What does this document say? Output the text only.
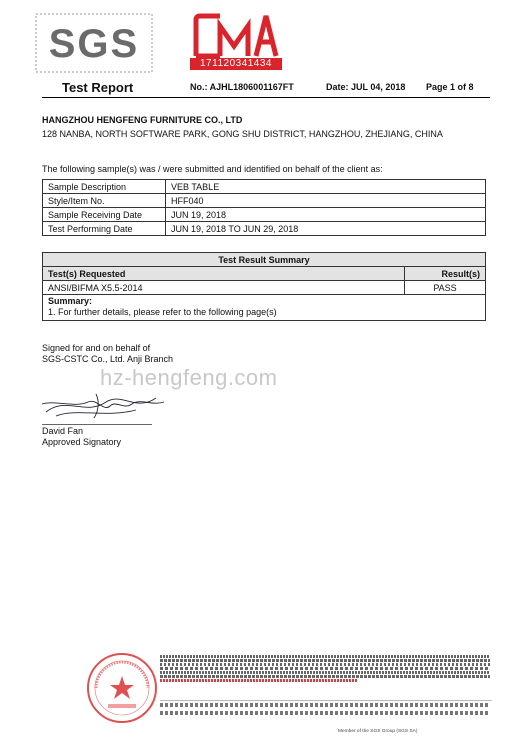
SGS
CMA
171120341434
Test Report	No.: AJHL1806001167FT	Date: JUL 04, 2018 Page 1 of 8
HANGZHOU HENGFENG FURNITURE CO., LTD
128 NANBA, NORTH SOFTWARE PARK, GONG SHU DISTRICT, HANGZHOU, ZHEJIANG, CHINA
The following sample(s) was / were submitted and identified on behalf of the client as:
Sample Description	VEB TABLE
Style/Item No.	HFF040
Sample Receiving Date	JUN 19, 2018
Test Performing Date	JUN 19, 2018 TO JUN 29, 2018
Test Result Summary	
Test(s) Requested	Result(s)
ANSI/BIFMA X5.5-2014	PASS

Summary:
1. For further details, please refer to the following page(s)	
Signed for and on behalf of
SGS-CSTC Co., Ltd. Anji Branch
hz-hengfeng.com
David Fan
Approved Signatory
Member of the SGS Group (SGS SA)
